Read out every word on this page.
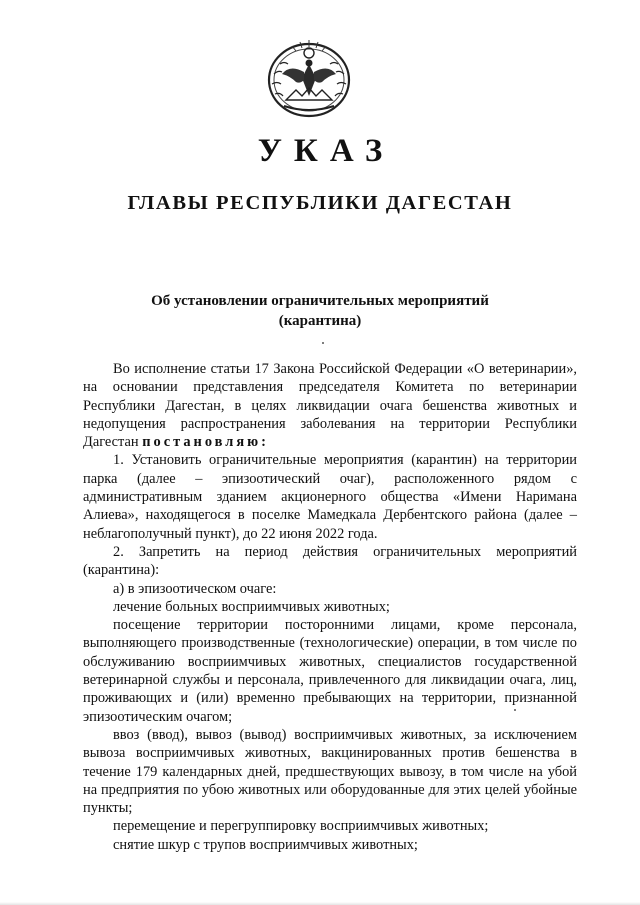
УКАЗ
ГЛАВЫ РЕСПУБЛИКИ ДАГЕСТАН
Об установлении ограничительных мероприятий
(карантина)

Во исполнение статьи 17 Закона Российской Федерации «О ветеринарии», на основании представления председателя Комитета по ветеринарии Республики Дагестан, в целях ликвидации очага бешенства животных и недопущения распространения заболевания на территории Республики Дагестан постановляю:

1. Установить ограничительные мероприятия (карантин) на территории парка (далее – эпизоотический очаг), расположенного рядом с административным зданием акционерного общества «Имени Наримана Алиева», находящегося в поселке Мамедкала Дербентского района (далее – неблагополучный пункт), до 22 июня 2022 года.

2. Запретить на период действия ограничительных мероприятий (карантина):

а) в эпизоотическом очаге:

лечение больных восприимчивых животных;

посещение территории посторонними лицами, кроме персонала, выполняющего производственные (технологические) операции, в том числе по обслуживанию восприимчивых животных, специалистов государственной ветеринарной службы и персонала, привлеченного для ликвидации очага, лиц, проживающих и (или) временно пребывающих на территории, признанной эпизоотическим очагом;

ввоз (ввод), вывоз (вывод) восприимчивых животных, за исключением вывоза восприимчивых животных, вакцинированных против бешенства в течение 179 календарных дней, предшествующих вывозу, в том числе на убой на предприятия по убою животных или оборудованные для этих целей убойные пункты;

перемещение и перегруппировку восприимчивых животных;

снятие шкур с трупов восприимчивых животных;
